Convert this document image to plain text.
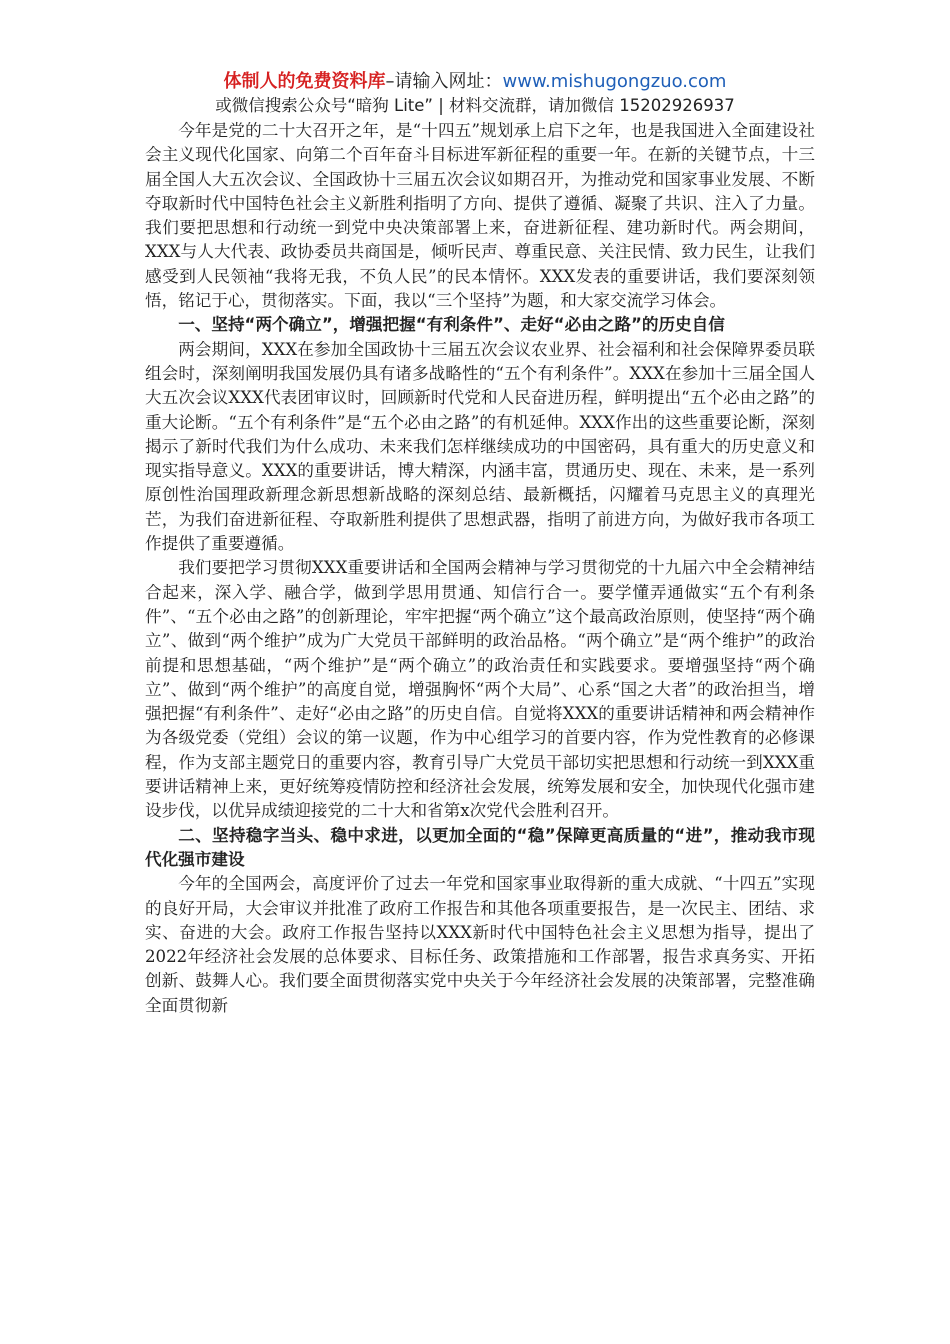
体制人的免费资料库–请输入网址：www.mishugongzuo.com
或微信搜索公众号“暗狗 Lite” | 材料交流群，请加微信 15202926937

今年是党的二十大召开之年，是“十四五”规划承上启下之年，也是我国进入全面建设社会主义现代化国家、向第二个百年奋斗目标进军新征程的重要一年。在新的关键节点，十三届全国人大五次会议、全国政协十三届五次会议如期召开，为推动党和国家事业发展、不断夺取新时代中国特色社会主义新胜利指明了方向、提供了遵循、凝聚了共识、注入了力量。我们要把思想和行动统一到党中央决策部署上来，奋进新征程、建功新时代。两会期间，XXX与人大代表、政协委员共商国是，倾听民声、尊重民意、关注民情、致力民生，让我们感受到人民领袖“我将无我，不负人民”的民本情怀。XXX发表的重要讲话，我们要深刻领悟，铭记于心，贯彻落实。下面，我以“三个坚持”为题，和大家交流学习体会。

一、坚持“两个确立”，增强把握“有利条件”、走好“必由之路”的历史自信

两会期间，XXX在参加全国政协十三届五次会议农业界、社会福利和社会保障界委员联组会时，深刻阐明我国发展仍具有诸多战略性的“五个有利条件”。XXX在参加十三届全国人大五次会议XXX代表团审议时，回顾新时代党和人民奋进历程，鲜明提出“五个必由之路”的重大论断。“五个有利条件”是“五个必由之路”的有机延伸。XXX作出的这些重要论断，深刻揭示了新时代我们为什么成功、未来我们怎样继续成功的中国密码，具有重大的历史意义和现实指导意义。XXX的重要讲话，博大精深，内涵丰富，贯通历史、现在、未来，是一系列原创性治国理政新理念新思想新战略的深刻总结、最新概括，闪耀着马克思主义的真理光芒，为我们奋进新征程、夺取新胜利提供了思想武器，指明了前进方向，为做好我市各项工作提供了重要遵循。

我们要把学习贯彻XXX重要讲话和全国两会精神与学习贯彻党的十九届六中全会精神结合起来，深入学、融合学，做到学思用贯通、知信行合一。要学懂弄通做实“五个有利条件”、“五个必由之路”的创新理论，牢牢把握“两个确立”这个最高政治原则，使坚持“两个确立”、做到“两个维护”成为广大党员干部鲜明的政治品格。“两个确立”是“两个维护”的政治前提和思想基础，“两个维护”是“两个确立”的政治责任和实践要求。要增强坚持“两个确立”、做到“两个维护”的高度自觉，增强胸怀“两个大局”、心系“国之大者”的政治担当，增强把握“有利条件”、走好“必由之路”的历史自信。自觉将XXX的重要讲话精神和两会精神作为各级党委（党组）会议的第一议题，作为中心组学习的首要内容，作为党性教育的必修课程，作为支部主题党日的重要内容，教育引导广大党员干部切实把思想和行动统一到XXX重要讲话精神上来，更好统筹疫情防控和经济社会发展，统筹发展和安全，加快现代化强市建设步伐，以优异成绩迎接党的二十大和省第x次党代会胜利召开。

二、坚持稳字当头、稳中求进，以更加全面的“稳”保障更高质量的“进”，推动我市现代化强市建设

今年的全国两会，高度评价了过去一年党和国家事业取得新的重大成就、“十四五”实现的良好开局，大会审议并批准了政府工作报告和其他各项重要报告，是一次民主、团结、求实、奋进的大会。政府工作报告坚持以XXX新时代中国特色社会主义思想为指导，提出了2022年经济社会发展的总体要求、目标任务、政策措施和工作部署，报告求真务实、开拓创新、鼓舞人心。我们要全面贯彻落实党中央关于今年经济社会发展的决策部署，完整准确全面贯彻新
